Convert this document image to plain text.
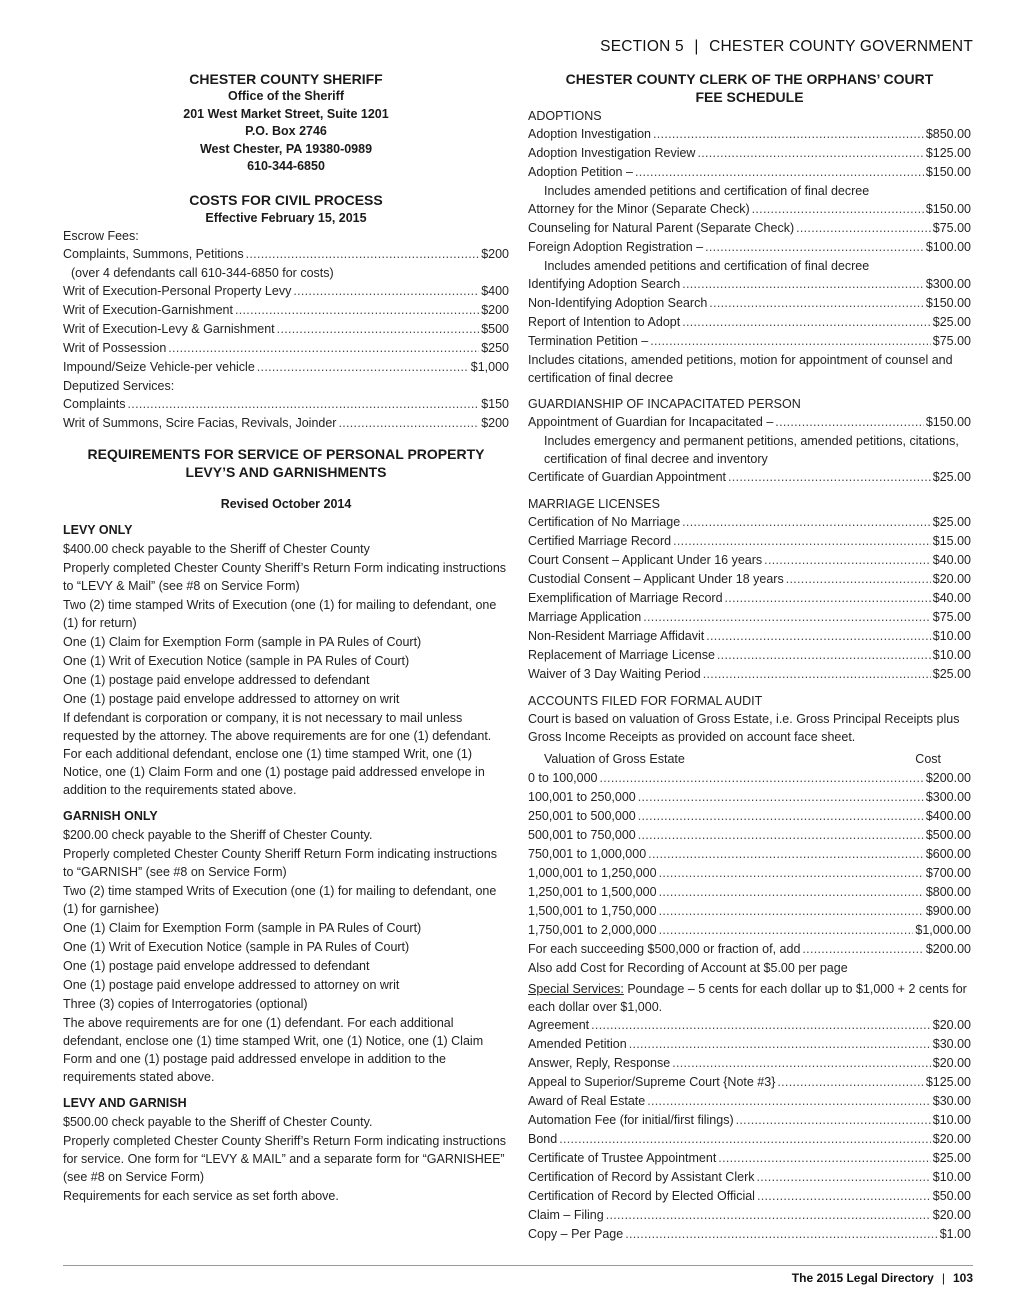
SECTION 5 | CHESTER COUNTY GOVERNMENT
CHESTER COUNTY SHERIFF
Office of the Sheriff
201 West Market Street, Suite 1201
P.O. Box 2746
West Chester, PA 19380-0989
610-344-6850
COSTS FOR CIVIL PROCESS
Effective February 15, 2015
Escrow Fees:
Complaints, Summons, Petitions .....	$200
(over 4 defendants call 610-344-6850 for costs)
Writ of Execution-Personal Property Levy .....	$400
Writ of Execution-Garnishment .....	$200
Writ of Execution-Levy & Garnishment .....	$500
Writ of Possession .....	$250
Impound/Seize Vehicle-per vehicle .....	$1,000
Deputized Services:
Complaints .....	$150
Writ of Summons, Scire Facias, Revivals, Joinder .....	$200
REQUIREMENTS FOR SERVICE OF PERSONAL PROPERTY
LEVY’S AND GARNISHMENTS
Revised October 2014
LEVY ONLY
$400.00 check payable to the Sheriff of Chester County
Properly completed Chester County Sheriff’s Return Form indicating instructions to “LEVY & Mail” (see #8 on Service Form)
Two (2) time stamped Writs of Execution (one (1) for mailing to defendant, one (1) for return)
One (1) Claim for Exemption Form (sample in PA Rules of Court)
One (1) Writ of Execution Notice (sample in PA Rules of Court)
One (1) postage paid envelope addressed to defendant
One (1) postage paid envelope addressed to attorney on writ
If defendant is corporation or company, it is not necessary to mail unless requested by the attorney. The above requirements are for one (1) defendant. For each additional defendant, enclose one (1) time stamped Writ, one (1) Notice, one (1) Claim Form and one (1) postage paid addressed envelope in addition to the requirements stated above.
GARNISH ONLY
$200.00 check payable to the Sheriff of Chester County.
Properly completed Chester County Sheriff Return Form indicating instructions to “GARNISH” (see #8 on Service Form)
Two (2) time stamped Writs of Execution (one (1) for mailing to defendant, one (1) for garnishee)
One (1) Claim for Exemption Form (sample in PA Rules of Court)
One (1) Writ of Execution Notice (sample in PA Rules of Court)
One (1) postage paid envelope addressed to defendant
One (1) postage paid envelope addressed to attorney on writ
Three (3) copies of Interrogatories (optional)
The above requirements are for one (1) defendant. For each additional defendant, enclose one (1) time stamped Writ, one (1) Notice, one (1) Claim Form and one (1) postage paid addressed envelope in addition to the requirements stated above.
LEVY AND GARNISH
$500.00 check payable to the Sheriff of Chester County.
Properly completed Chester County Sheriff’s Return Form indicating instructions for service. One form for “LEVY & MAIL” and a separate form for “GARNISHEE” (see #8 on Service Form)
Requirements for each service as set forth above.
CHESTER COUNTY CLERK OF THE ORPHANS’ COURT
FEE SCHEDULE
ADOPTIONS
Adoption Investigation .....	$850.00
Adoption Investigation Review .....	$125.00
Adoption Petition – .....	$150.00
Includes amended petitions and certification of final decree
Attorney for the Minor (Separate Check) .....	$150.00
Counseling for Natural Parent (Separate Check) .....	$75.00
Foreign Adoption Registration – .....	$100.00
Includes amended petitions and certification of final decree
Identifying Adoption Search .....	$300.00
Non-Identifying Adoption Search .....	$150.00
Report of Intention to Adopt .....	$25.00
Termination Petition – .....	$75.00
Includes citations, amended petitions, motion for appointment of counsel and certification of final decree
GUARDIANSHIP OF INCAPACITATED PERSON
Appointment of Guardian for Incapacitated – .....	$150.00
Includes emergency and permanent petitions, amended petitions, citations, certification of final decree and inventory
Certificate of Guardian Appointment .....	$25.00
MARRIAGE LICENSES
Certification of No Marriage .....	$25.00
Certified Marriage Record .....	$15.00
Court Consent – Applicant Under 16 years .....	$40.00
Custodial Consent – Applicant Under 18 years .....	$20.00
Exemplification of Marriage Record .....	$40.00
Marriage Application .....	$75.00
Non-Resident Marriage Affidavit .....	$10.00
Replacement of Marriage License .....	$10.00
Waiver of 3 Day Waiting Period .....	$25.00
ACCOUNTS FILED FOR FORMAL AUDIT
Court is based on valuation of Gross Estate, i.e. Gross Principal Receipts plus Gross Income Receipts as provided on account face sheet.
Valuation of Gross Estate	Cost
0 to 100,000 .....	$200.00
100,001 to 250,000 .....	$300.00
250,001 to 500,000 .....	$400.00
500,001 to 750,000 .....	$500.00
750,001 to 1,000,000 .....	$600.00
1,000,001 to 1,250,000 .....	$700.00
1,250,001 to 1,500,000 .....	$800.00
1,500,001 to 1,750,000 .....	$900.00
1,750,001 to 2,000,000 .....	$1,000.00
For each succeeding $500,000 or fraction of, add .....	$200.00
Also add Cost for Recording of Account at $5.00 per page
Special Services: Poundage – 5 cents for each dollar up to $1,000 + 2 cents for each dollar over $1,000.
Agreement .....	$20.00
Amended Petition .....	$30.00
Answer, Reply, Response .....	$20.00
Appeal to Superior/Supreme Court {Note #3} .....	$125.00
Award of Real Estate .....	$30.00
Automation Fee (for initial/first filings) .....	$10.00
Bond .....	$20.00
Certificate of Trustee Appointment .....	$25.00
Certification of Record by Assistant Clerk .....	$10.00
Certification of Record by Elected Official .....	$50.00
Claim – Filing .....	$20.00
Copy – Per Page .....	$1.00
The 2015 Legal Directory | 103
